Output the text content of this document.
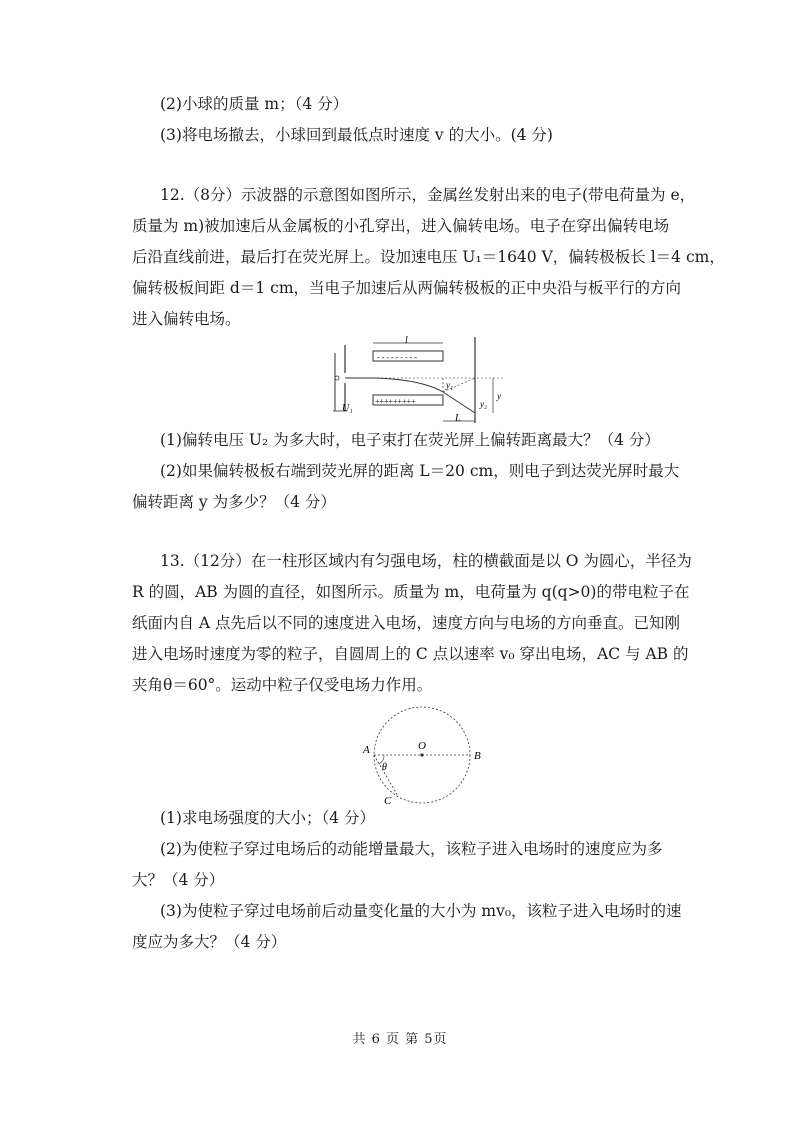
(2)小球的质量 m；（4 分）
(3)将电场撤去，小球回到最低点时速度 v 的大小。(4 分)
12.（8分）示波器的示意图如图所示，金属丝发射出来的电子(带电荷量为 e，
质量为 m)被加速后从金属板的小孔穿出，进入偏转电场。电子在穿出偏转电场
后沿直线前进，最后打在荧光屏上。设加速电压 U₁＝1640 V，偏转极板长 l＝4 cm，
偏转极板间距 d＝1 cm，当电子加速后从两偏转极板的正中央沿与板平行的方向
进入偏转电场。
U₁
- - - - - - - - -
l
+++++++++
y₁
y
y₂
L
(1)偏转电压 U₂ 为多大时，电子束打在荧光屏上偏转距离最大？（4 分）
(2)如果偏转极板右端到荧光屏的距离 L＝20 cm，则电子到达荧光屏时最大
偏转距离 y 为多少？（4 分）
13.（12分）在一柱形区域内有匀强电场，柱的横截面是以 O 为圆心，半径为
R 的圆，AB 为圆的直径，如图所示。质量为 m，电荷量为 q(q>0)的带电粒子在
纸面内自 A 点先后以不同的速度进入电场，速度方向与电场的方向垂直。已知刚
进入电场时速度为零的粒子，自圆周上的 C 点以速率 v₀ 穿出电场，AC 与 AB 的
夹角θ＝60°。运动中粒子仅受电场力作用。
A	O
B
C
θ
(1)求电场强度的大小；（4 分）
(2)为使粒子穿过电场后的动能增量最大，该粒子进入电场时的速度应为多
大？（4 分）
(3)为使粒子穿过电场前后动量变化量的大小为 mv₀，该粒子进入电场时的速
度应为多大？（4 分）
共 6 页 第 5页
